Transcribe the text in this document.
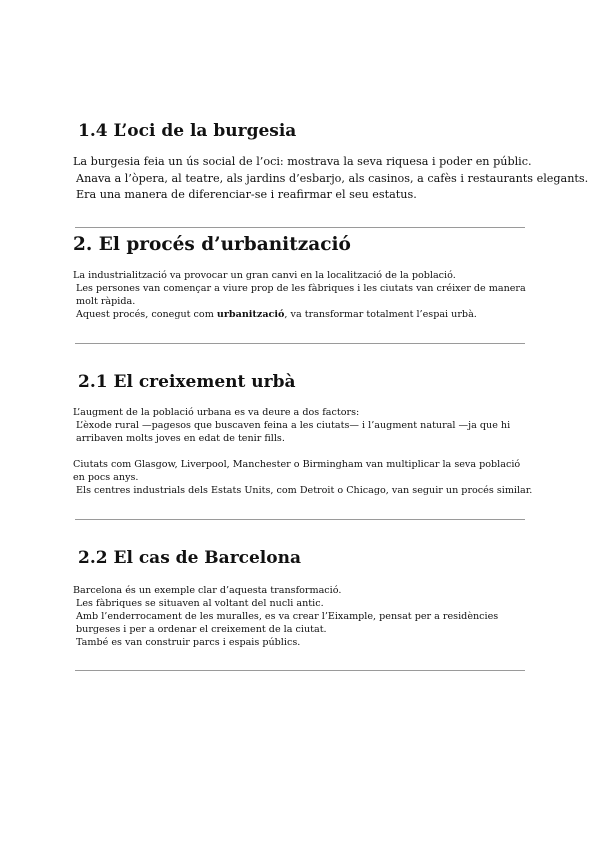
1.4 L’oci de la burgesia
La burgesia feia un ús social de l’oci: mostrava la seva riquesa i poder en públic.
Anava a l’òpera, al teatre, als jardins d’esbarjo, als casinos, a cafès i restaurants elegants.
Era una manera de diferenciar-se i reafirmar el seu estatus.
2. El procés d’urbanització
La industrialització va provocar un gran canvi en la localització de la població.
Les persones van començar a viure prop de les fàbriques i les ciutats van créixer de manera molt ràpida.
Aquest procés, conegut com urbanització, va transformar totalment l’espai urbà.
2.1 El creixement urbà
L’augment de la població urbana es va deure a dos factors:
L’èxode rural —pagesos que buscaven feina a les ciutats— i l’augment natural —ja que hi arribaven molts joves en edat de tenir fills.
Ciutats com Glasgow, Liverpool, Manchester o Birmingham van multiplicar la seva població en pocs anys.
Els centres industrials dels Estats Units, com Detroit o Chicago, van seguir un procés similar.
2.2 El cas de Barcelona
Barcelona és un exemple clar d’aquesta transformació.
Les fàbriques se situaven al voltant del nucli antic.
Amb l’enderrocament de les muralles, es va crear l’Eixample, pensat per a residències burgeses i per a ordenar el creixement de la ciutat.
També es van construir parcs i espais públics.
